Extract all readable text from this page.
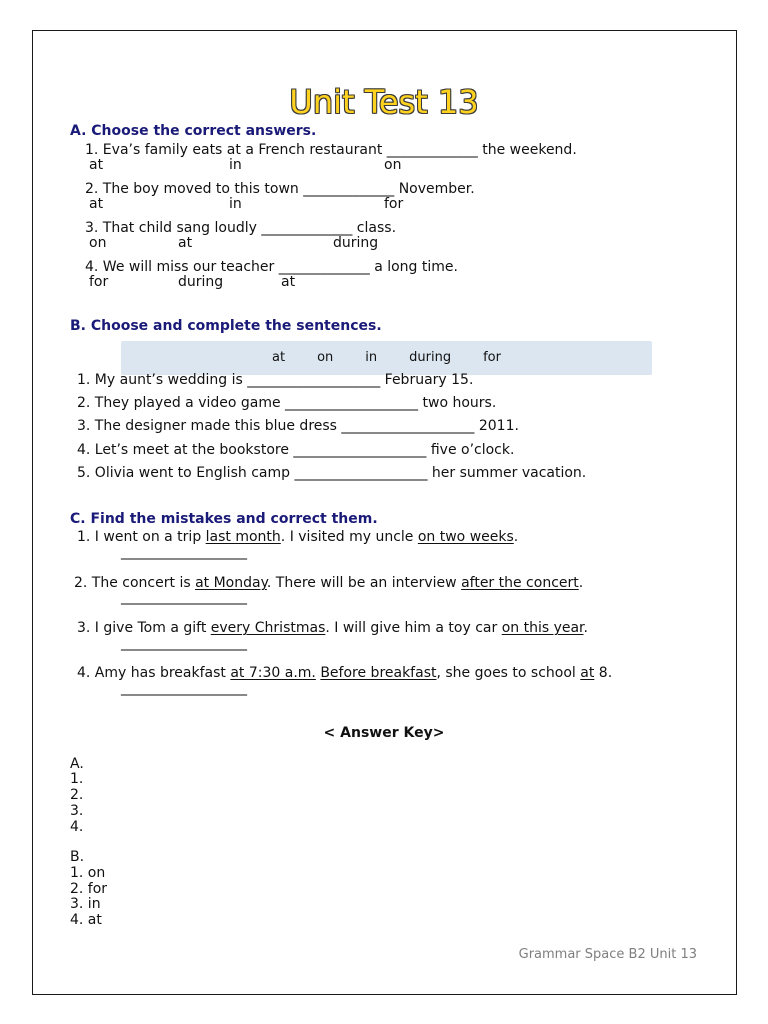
Unit Test 13
A. Choose the correct answers.
1. Eva’s family eats at a French restaurant _____________ the weekend.
at	in	on
2. The boy moved to this town _____________ November.
at	in	for
3. That child sang loudly _____________ class.
on	at	during
4. We will miss our teacher _____________ a long time.
for	during	at
B. Choose and complete the sentences.
at on in during for
1. My aunt’s wedding is ___________________ February 15.
2. They played a video game ___________________ two hours.
3. The designer made this blue dress ___________________ 2011.
4. Let’s meet at the bookstore ___________________ five o’clock.
5. Olivia went to English camp ___________________ her summer vacation.
C. Find the mistakes and correct them.
1. I went on a trip last month. I visited my uncle on two weeks.
__________________
2. The concert is at Monday. There will be an interview after the concert.
__________________
3. I give Tom a gift every Christmas. I will give him a toy car on this year.
__________________
4. Amy has breakfast at 7:30 a.m. Before breakfast, she goes to school at 8.
__________________
< Answer Key>
A.
1.
2.
3.
4.
B.
1. on
2. for
3. in
4. at
Grammar Space B2 Unit 13
